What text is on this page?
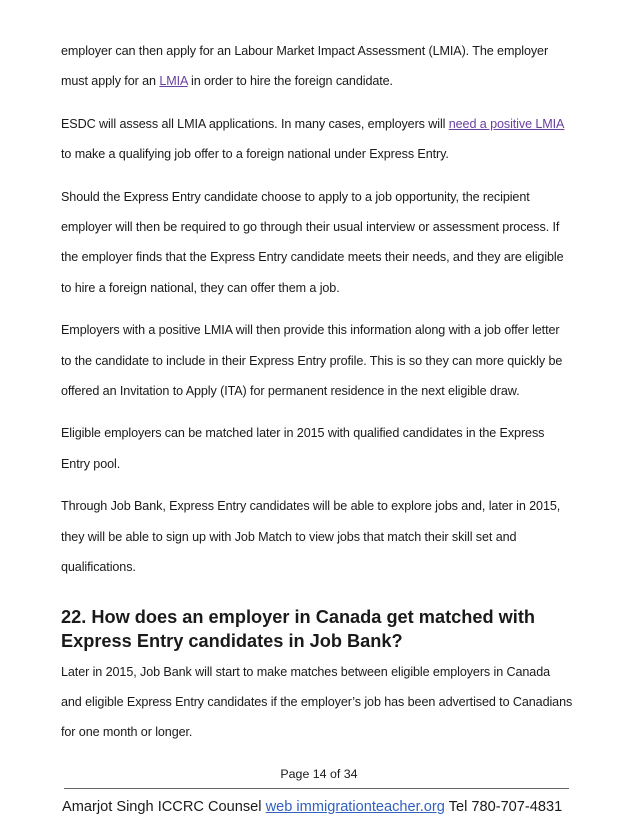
employer can then apply for an Labour Market Impact Assessment (LMIA). The employer
must apply for an LMIA in order to hire the foreign candidate.
ESDC will assess all LMIA applications. In many cases, employers will need a positive LMIA
to make a qualifying job offer to a foreign national under Express Entry.
Should the Express Entry candidate choose to apply to a job opportunity, the recipient
employer will then be required to go through their usual interview or assessment process. If
the employer finds that the Express Entry candidate meets their needs, and they are eligible
to hire a foreign national, they can offer them a job.
Employers with a positive LMIA will then provide this information along with a job offer letter
to the candidate to include in their Express Entry profile. This is so they can more quickly be
offered an Invitation to Apply (ITA) for permanent residence in the next eligible draw.
Eligible employers can be matched later in 2015 with qualified candidates in the Express
Entry pool.
Through Job Bank, Express Entry candidates will be able to explore jobs and, later in 2015,
they will be able to sign up with Job Match to view jobs that match their skill set and
qualifications.
22. How does an employer in Canada get matched with
Express Entry candidates in Job Bank?
Later in 2015, Job Bank will start to make matches between eligible employers in Canada
and eligible Express Entry candidates if the employer’s job has been advertised to Canadians
for one month or longer.
Page 14 of 34
Amarjot Singh ICCRC Counsel web immigrationteacher.org Tel 780-707-4831
